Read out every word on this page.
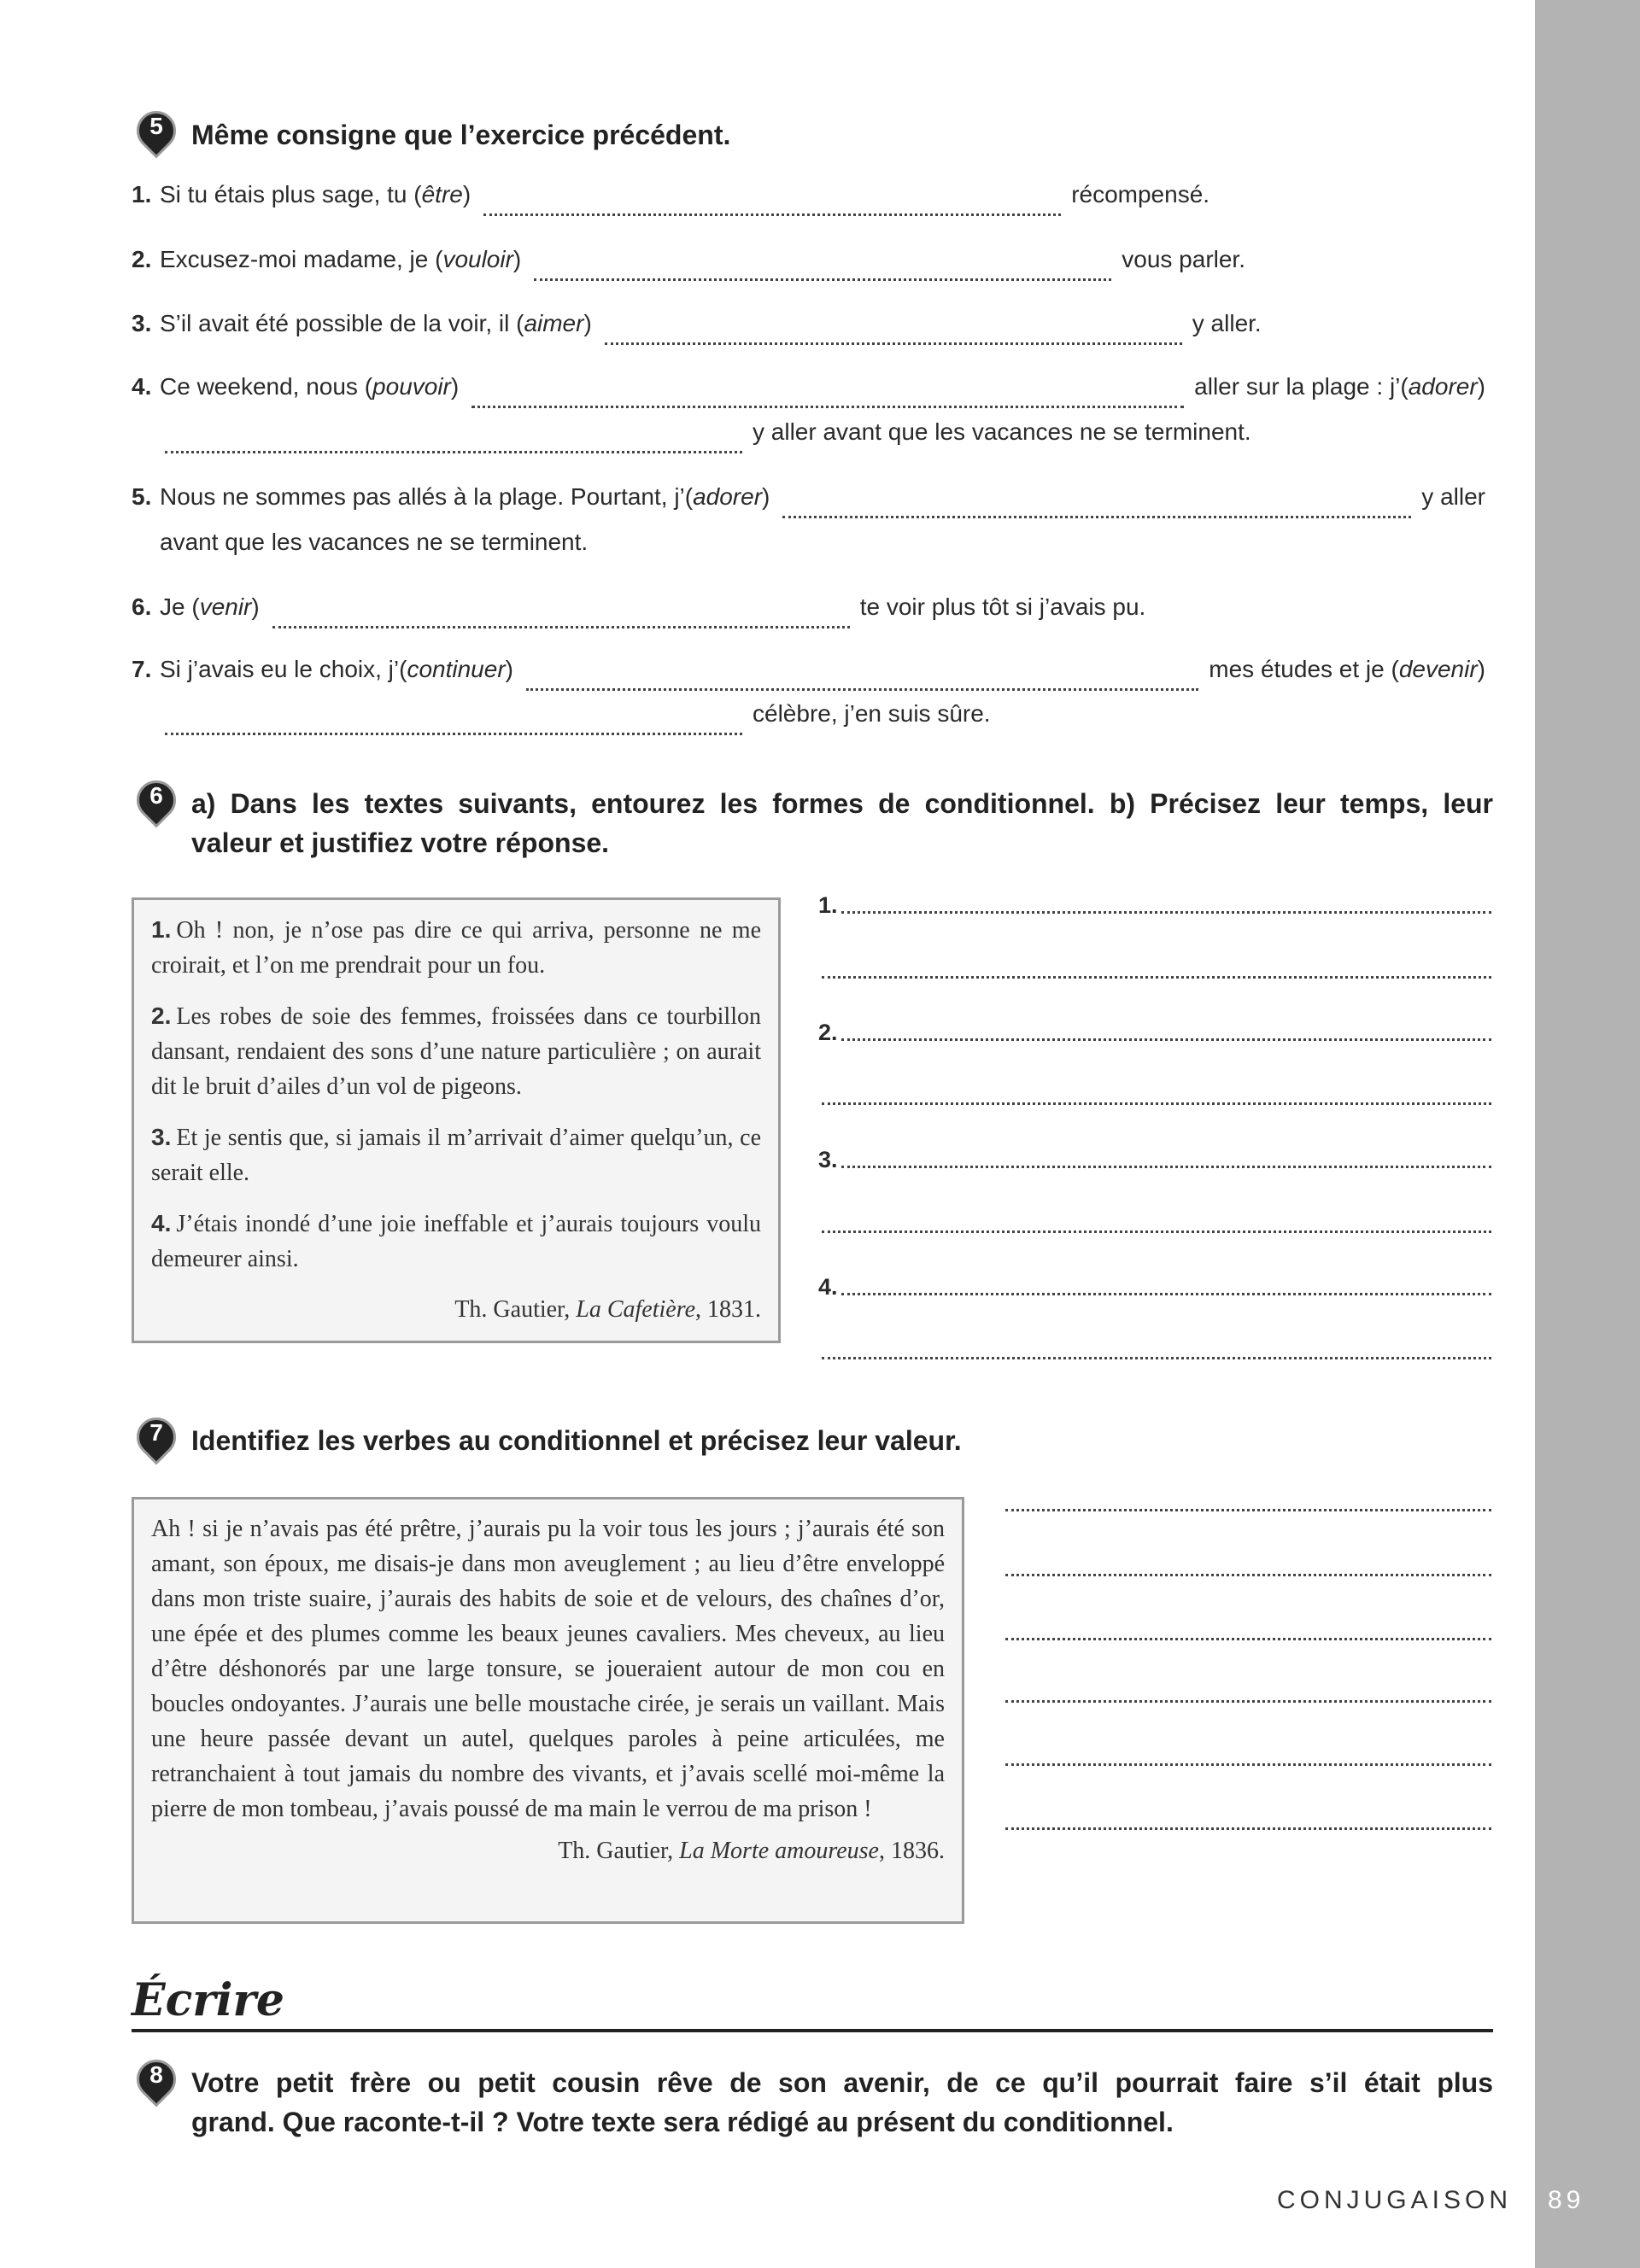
5	Même consigne que l’exercice précédent.
1. Si tu étais plus sage, tu ( être )	récompensé.
2. Excusez-moi madame, je ( vouloir )	vous parler.
3. S’il avait été possible de la voir, il ( aimer )	y aller.
4. Ce weekend, nous ( pouvoir )	aller sur la plage : j’( adorer )
y aller avant que les vacances ne se terminent.
5. Nous ne sommes pas allés à la plage. Pourtant, j’( adorer )	y aller
avant que les vacances ne se terminent.
6. Je ( venir )	te voir plus tôt si j’avais pu.
7. Si j’avais eu le choix, j’( continuer )	mes études et je ( devenir )
célèbre, j’en suis sûre.
6	a) Dans les textes suivants, entourez les formes de conditionnel. b) Précisez leur temps, leur
valeur et justifiez votre réponse.

1. Oh ! non, je n’ose pas dire ce qui arriva, personne ne me croirait, et l’on me prendrait pour un fou.

2. Les robes de soie des femmes, froissées dans ce tourbillon dansant, rendaient des sons d’une nature particulière ; on aurait dit le bruit d’ailes d’un vol de pigeons.

3. Et je sentis que, si jamais il m’arrivait d’aimer quelqu’un, ce serait elle.

4. J’étais inondé d’une joie ineffable et j’aurais toujours voulu demeurer ainsi.

Th. Gautier, La Cafetière, 1831.
1.
2.
3.
4.
7	Identifiez les verbes au conditionnel et précisez leur valeur.

Ah ! si je n’avais pas été prêtre, j’aurais pu la voir tous les jours ; j’aurais été son amant, son époux, me disais-je dans mon aveuglement ; au lieu d’être enveloppé dans mon triste suaire, j’aurais des habits de soie et de velours, des chaînes d’or, une épée et des plumes comme les beaux jeunes cavaliers. Mes cheveux, au lieu d’être déshonorés par une large tonsure, se joueraient autour de mon cou en boucles ondoyantes. J’aurais une belle moustache cirée, je serais un vaillant. Mais une heure passée devant un autel, quelques paroles à peine articulées, me retranchaient à tout jamais du nombre des vivants, et j’avais scellé moi-même la pierre de mon tombeau, j’avais poussé de ma main le verrou de ma prison !

Th. Gautier, La Morte amoureuse, 1836.
Écrire
8	Votre petit frère ou petit cousin rêve de son avenir, de ce qu’il pourrait faire s’il était plus
grand. Que raconte-t-il ? Votre texte sera rédigé au présent du conditionnel.
CONJUGAISON 89
